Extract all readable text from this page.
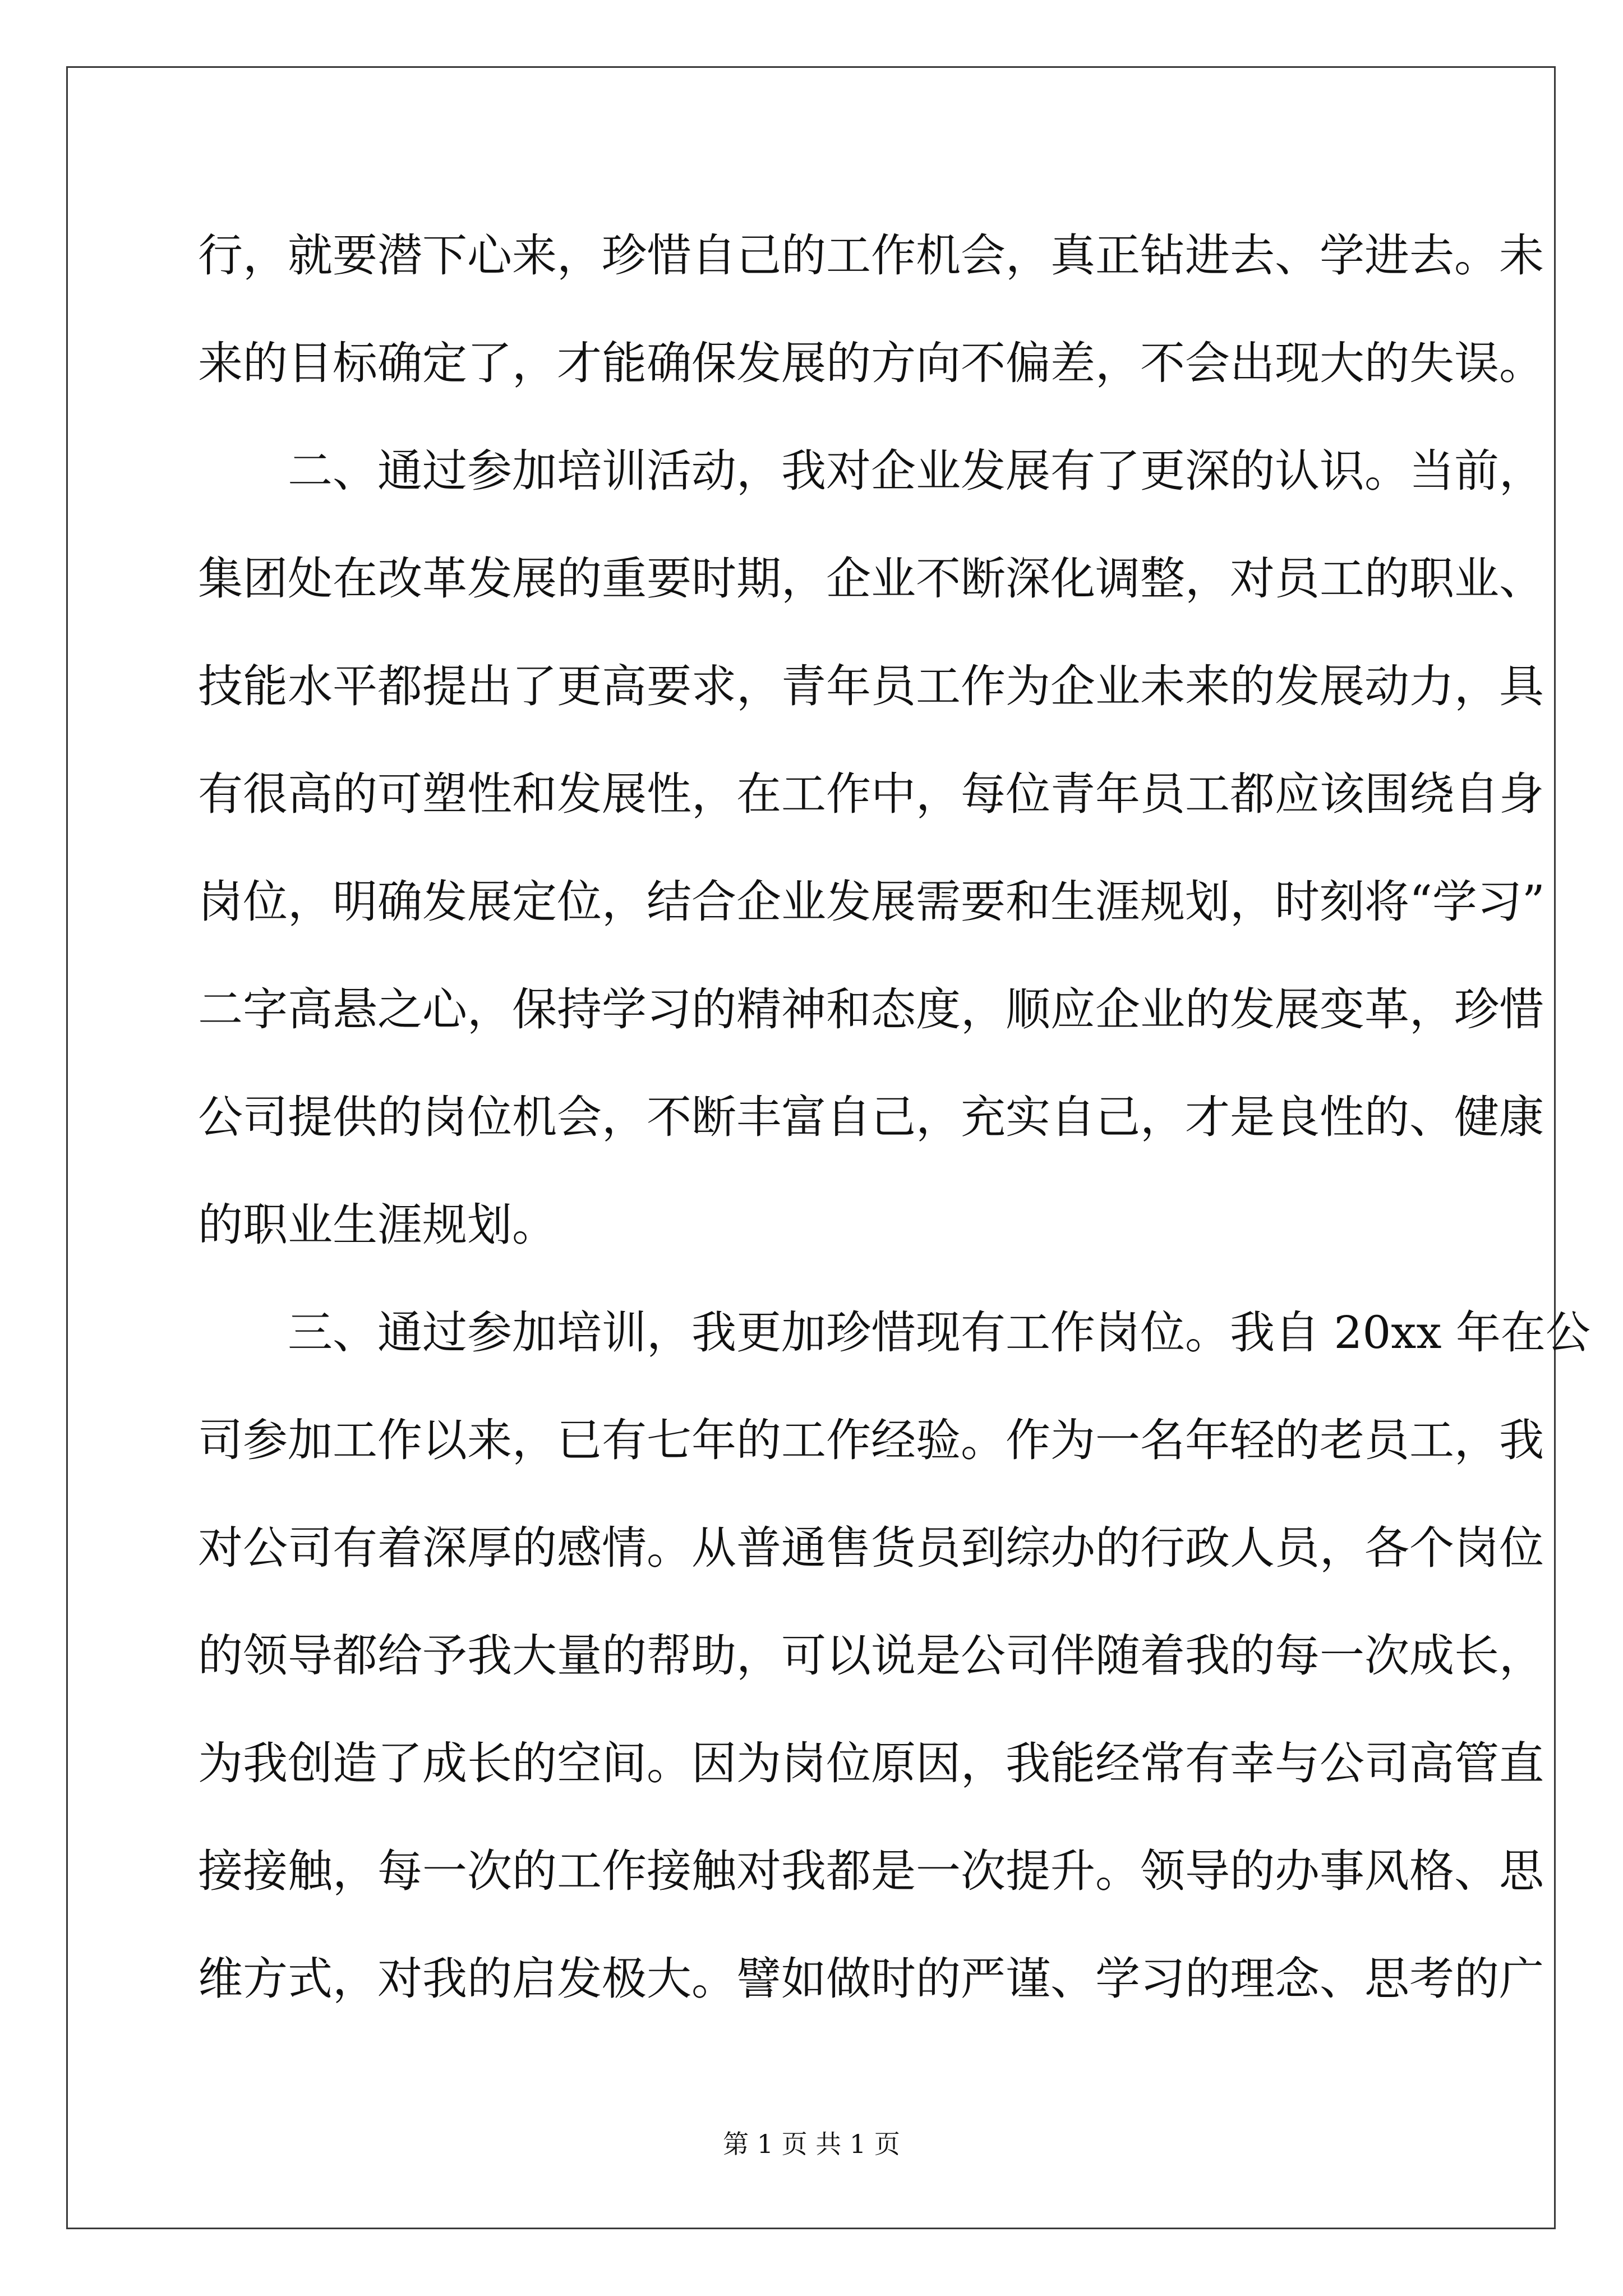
行，就要潜下心来，珍惜自己的工作机会，真正钻进去、学进去。未
来的目标确定了，才能确保发展的方向不偏差，不会出现大的失误。
二、通过参加培训活动，我对企业发展有了更深的认识。当前，
集团处在改革发展的重要时期，企业不断深化调整，对员工的职业、
技能水平都提出了更高要求，青年员工作为企业未来的发展动力，具
有很高的可塑性和发展性，在工作中，每位青年员工都应该围绕自身
岗位，明确发展定位，结合企业发展需要和生涯规划，时刻将“学习”
二字高悬之心，保持学习的精神和态度，顺应企业的发展变革，珍惜
公司提供的岗位机会，不断丰富自己，充实自己，才是良性的、健康
的职业生涯规划。
三、通过参加培训，我更加珍惜现有工作岗位。我自 20xx 年在公
司参加工作以来，已有七年的工作经验。作为一名年轻的老员工，我
对公司有着深厚的感情。从普通售货员到综办的行政人员，各个岗位
的领导都给予我大量的帮助，可以说是公司伴随着我的每一次成长，
为我创造了成长的空间。因为岗位原因，我能经常有幸与公司高管直
接接触，每一次的工作接触对我都是一次提升。领导的办事风格、思
维方式，对我的启发极大。譬如做时的严谨、学习的理念、思考的广
第 1 页 共 1 页
